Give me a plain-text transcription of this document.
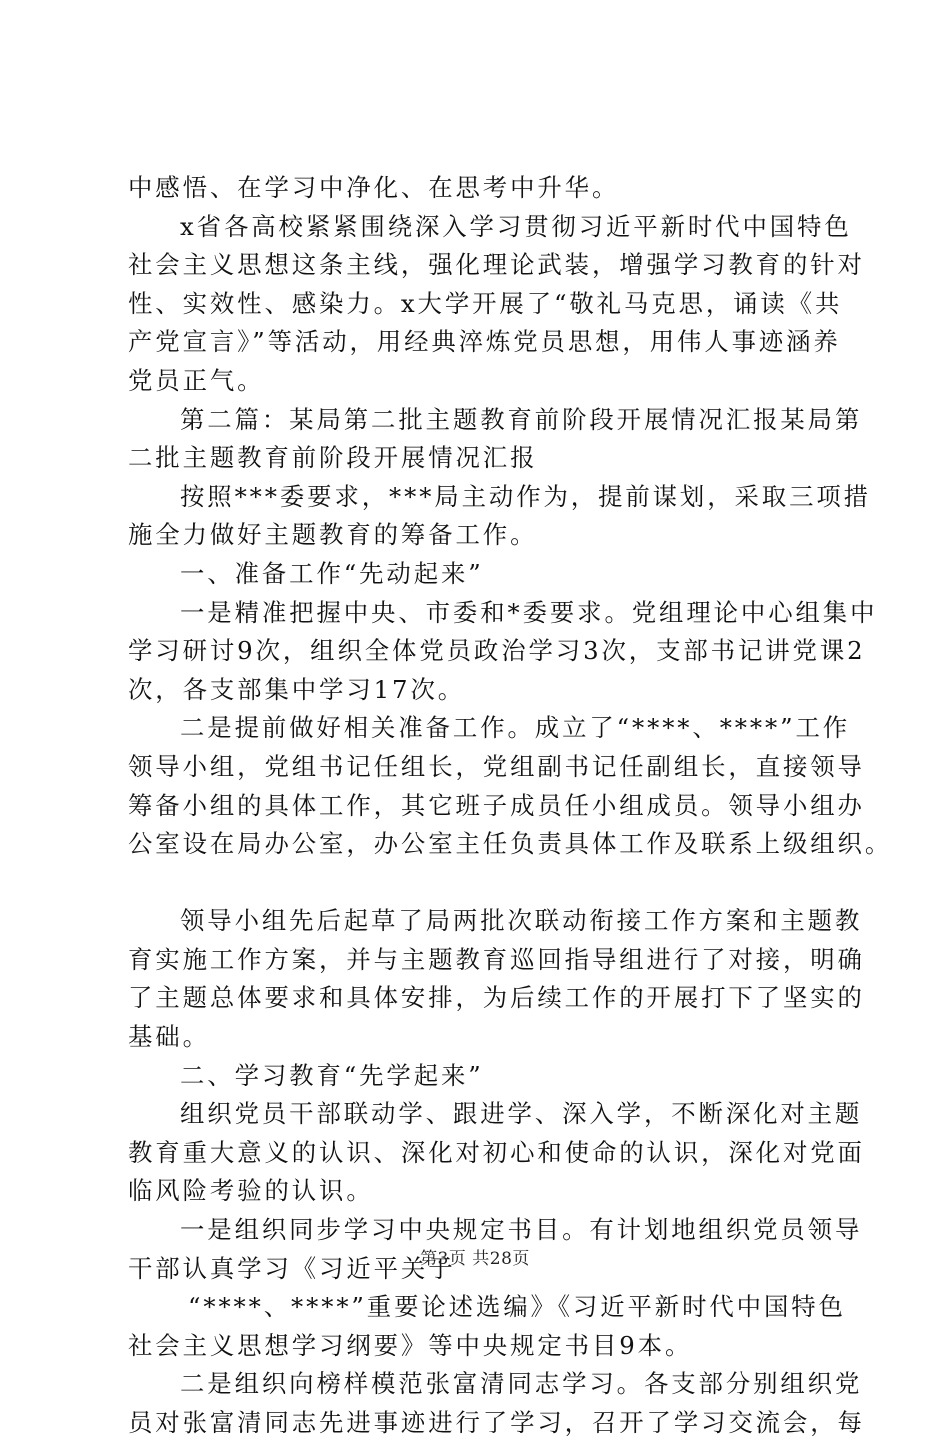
中感悟、在学习中净化、在思考中升华。
x省各高校紧紧围绕深入学习贯彻习近平新时代中国特色
社会主义思想这条主线，强化理论武装，增强学习教育的针对
性、实效性、感染力。x大学开展了“敬礼马克思，诵读《共
产党宣言》”等活动，用经典淬炼党员思想，用伟人事迹涵养
党员正气。
第二篇：某局第二批主题教育前阶段开展情况汇报某局第
二批主题教育前阶段开展情况汇报
按照***委要求，***局主动作为，提前谋划，采取三项措
施全力做好主题教育的筹备工作。
一、准备工作“先动起来”
一是精准把握中央、市委和*委要求。党组理论中心组集中
学习研讨9次，组织全体党员政治学习3次，支部书记讲党课2
次，各支部集中学习17次。
二是提前做好相关准备工作。成立了“****、****”工作
领导小组，党组书记任组长，党组副书记任副组长，直接领导
筹备小组的具体工作，其它班子成员任小组成员。领导小组办
公室设在局办公室，办公室主任负责具体工作及联系上级组织。
领导小组先后起草了局两批次联动衔接工作方案和主题教
育实施工作方案，并与主题教育巡回指导组进行了对接，明确
了主题总体要求和具体安排，为后续工作的开展打下了坚实的
基础。
二、学习教育“先学起来”
组织党员干部联动学、跟进学、深入学，不断深化对主题
教育重大意义的认识、深化对初心和使命的认识，深化对党面
临风险考验的认识。
一是组织同步学习中央规定书目。有计划地组织党员领导
干部认真学习《习近平关于
“****、****”重要论述选编》《习近平新时代中国特色
社会主义思想学习纲要》等中央规定书目9本。
二是组织向榜样模范张富清同志学习。各支部分别组织党
员对张富清同志先进事迹进行了学习，召开了学习交流会，每
第3页 共28页
